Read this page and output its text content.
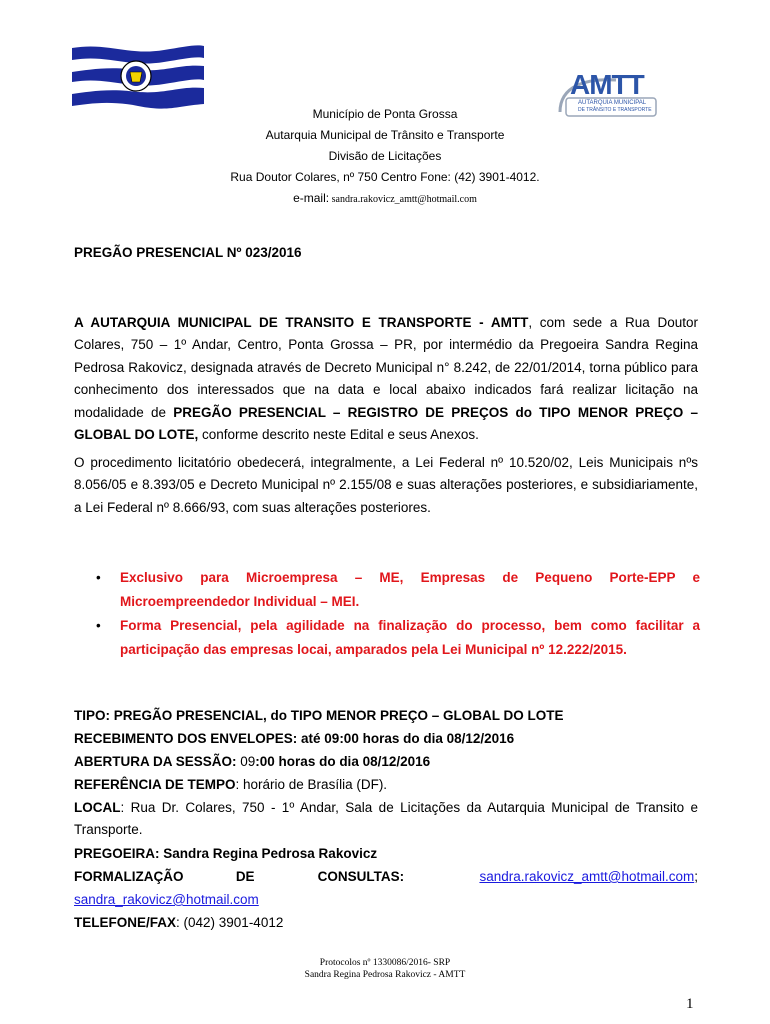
AMTT
AUTARQUIA MUNICIPAL
DE TRÂNSITO E TRANSPORTE
Município de Ponta Grossa
Autarquia Municipal de Trânsito e Transporte
Divisão de Licitações
Rua Doutor Colares, nº 750 Centro Fone: (42) 3901-4012.
e-mail: sandra.rakovicz_amtt@hotmail.com
PREGÃO PRESENCIAL Nº 023/2016
A AUTARQUIA MUNICIPAL DE TRANSITO E TRANSPORTE - AMTT, com sede a Rua Doutor Colares, 750 – 1º Andar, Centro, Ponta Grossa – PR, por intermédio da Pregoeira Sandra Regina Pedrosa Rakovicz, designada através de Decreto Municipal n° 8.242, de 22/01/2014, torna público para conhecimento dos interessados que na data e local abaixo indicados fará realizar licitação na modalidade de PREGÃO PRESENCIAL – REGISTRO DE PREÇOS do TIPO MENOR PREÇO – GLOBAL DO LOTE, conforme descrito neste Edital e seus Anexos.
O procedimento licitatório obedecerá, integralmente, a Lei Federal nº 10.520/02, Leis Municipais nºs 8.056/05 e 8.393/05 e Decreto Municipal nº 2.155/08 e suas alterações posteriores, e subsidiariamente, a Lei Federal nº 8.666/93, com suas alterações posteriores.
• Exclusivo para Microempresa – ME, Empresas de Pequeno Porte-EPP e Microempreendedor Individual – MEI.
• Forma Presencial, pela agilidade na finalização do processo, bem como facilitar a participação das empresas locai, amparados pela Lei Municipal nº 12.222/2015.
TIPO: PREGÃO PRESENCIAL, do TIPO MENOR PREÇO – GLOBAL DO LOTE
RECEBIMENTO DOS ENVELOPES: até 09:00 horas do dia 08/12/2016
ABERTURA DA SESSÃO: 09:00 horas do dia 08/12/2016
REFERÊNCIA DE TEMPO: horário de Brasília (DF).
LOCAL: Rua Dr. Colares, 750 - 1º Andar, Sala de Licitações da Autarquia Municipal de Transito e Transporte.
PREGOEIRA: Sandra Regina Pedrosa Rakovicz
FORMALIZAÇÃO	DE	CONSULTAS:	sandra.rakovicz_amtt@hotmail.com;
sandra_rakovicz@hotmail.com
TELEFONE/FAX: (042) 3901-4012
Protocolos nº 1330086/2016- SRP
Sandra Regina Pedrosa Rakovicz - AMTT
1
